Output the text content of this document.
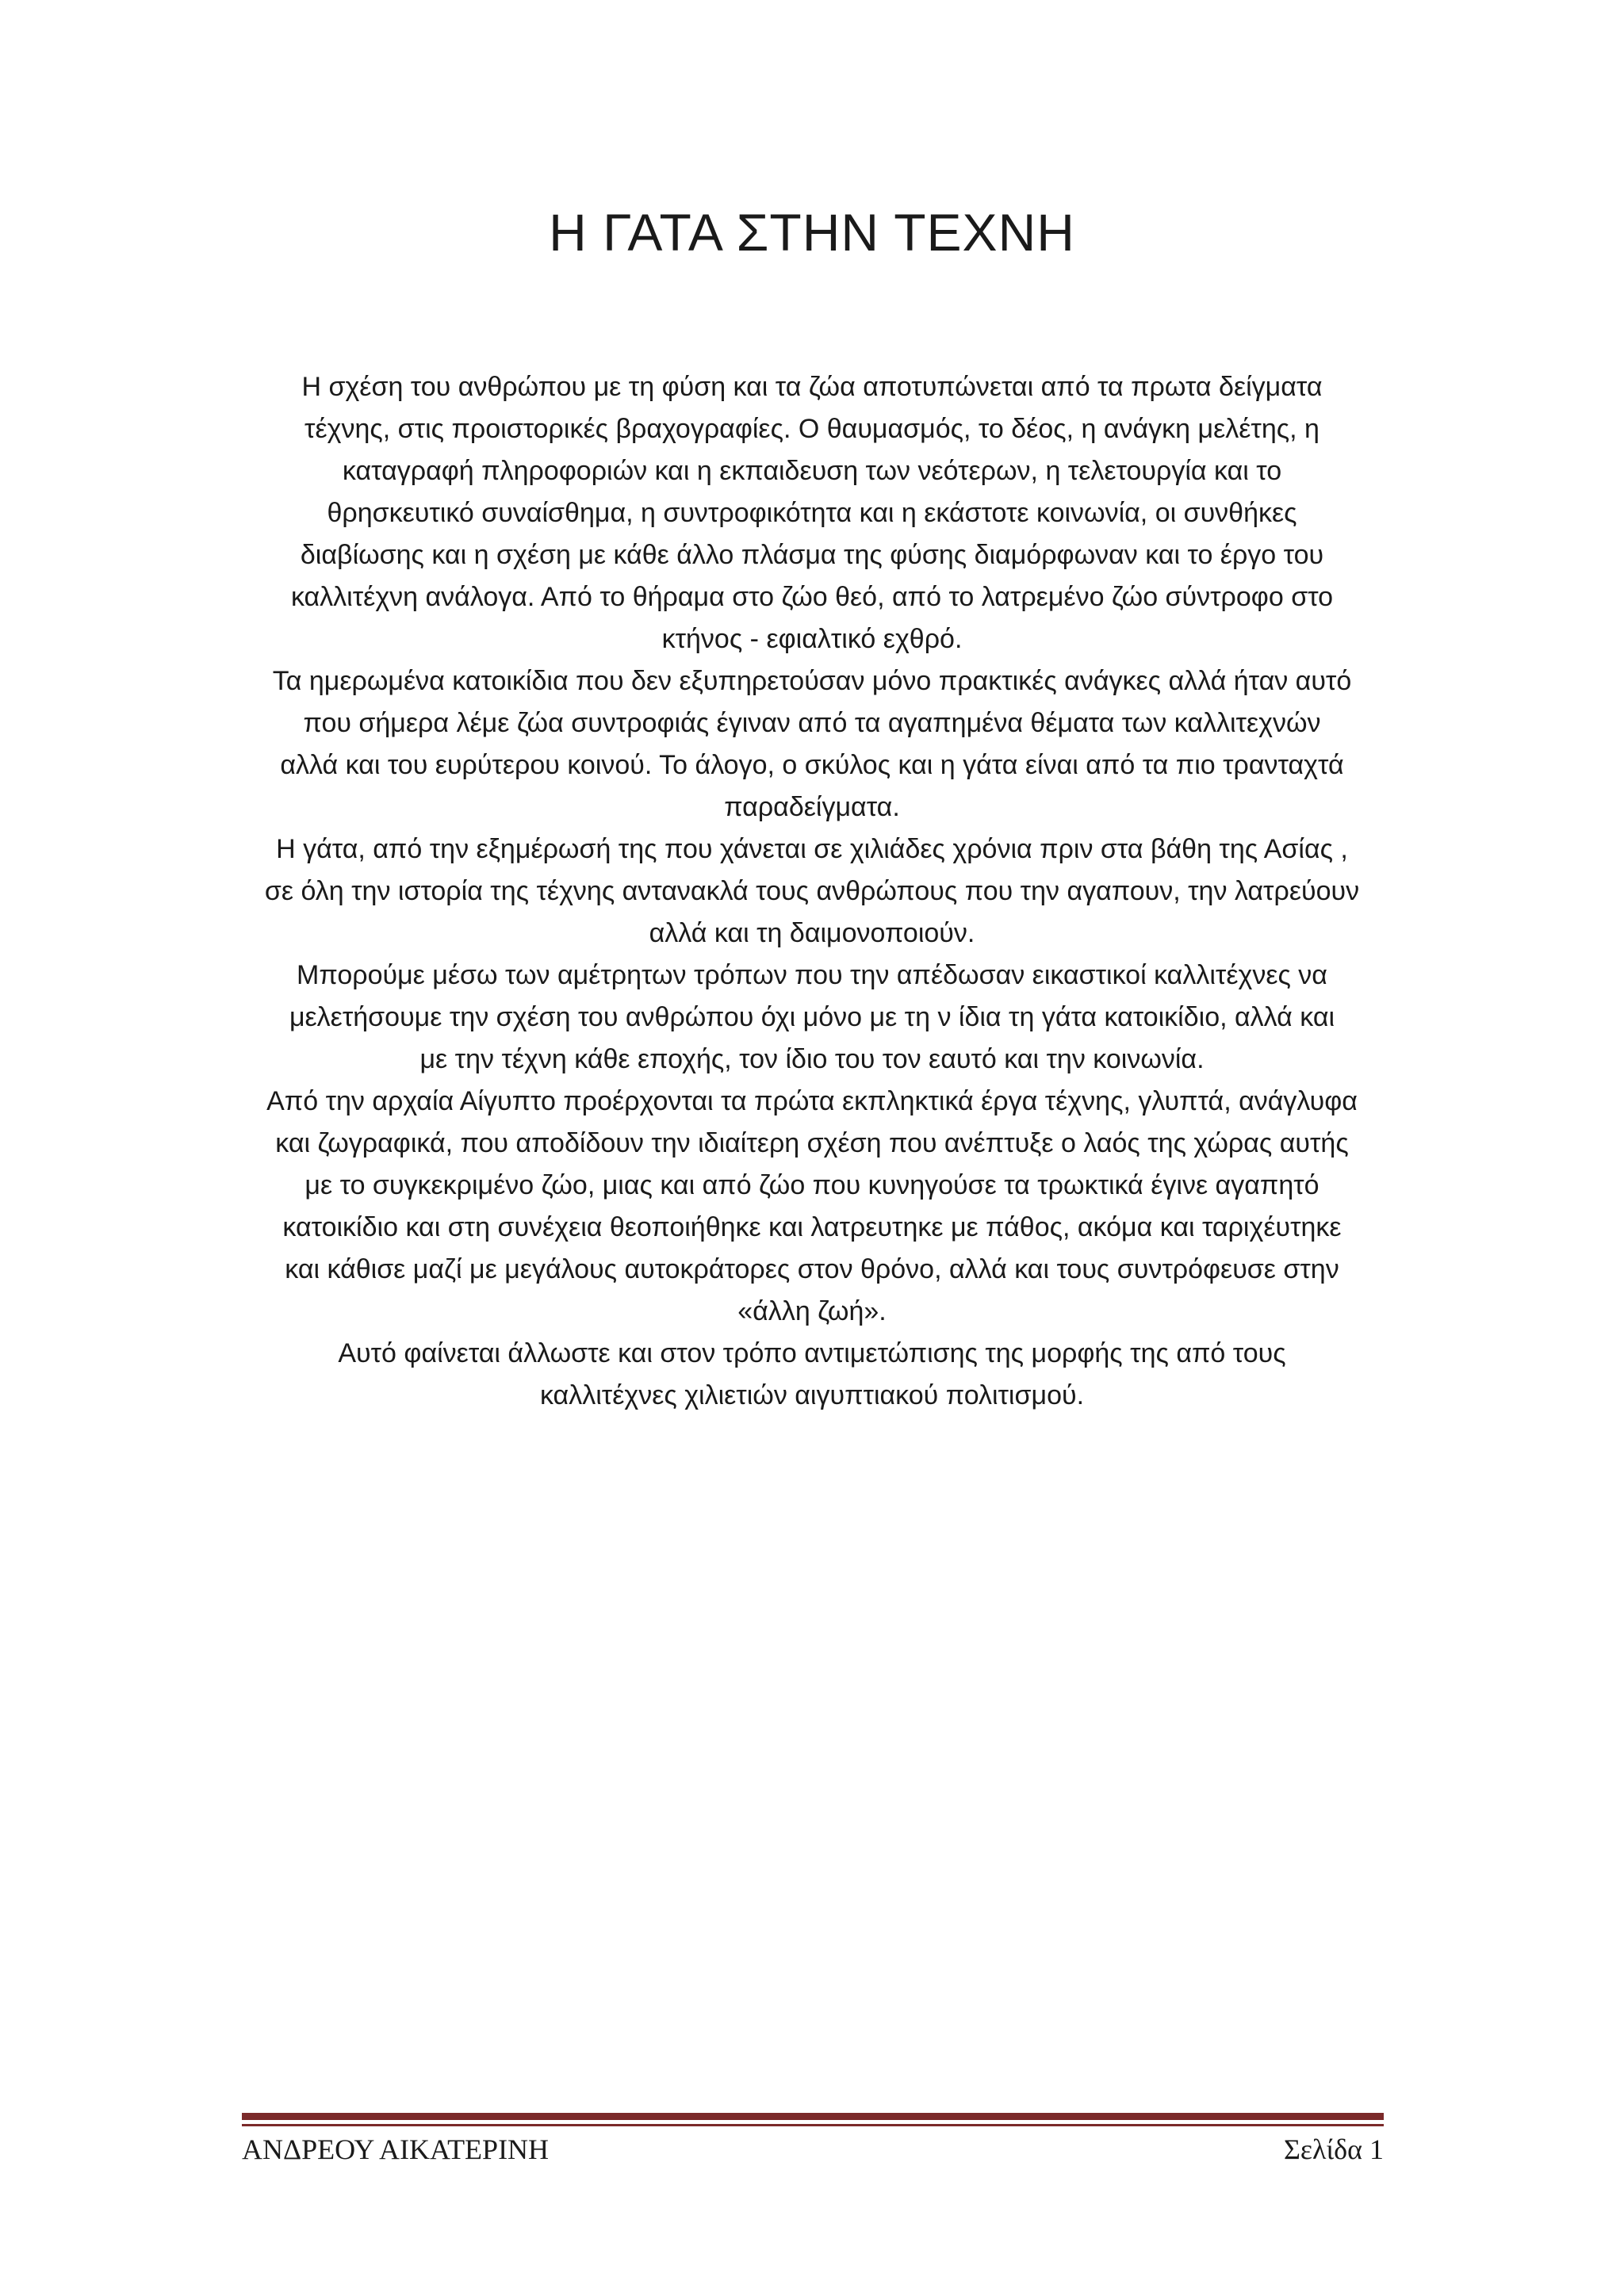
Η ΓΑΤΑ ΣΤΗΝ ΤΕΧΝΗ
Η σχέση του ανθρώπου με τη φύση και τα ζώα αποτυπώνεται από τα πρωτα δείγματα
τέχνης, στις προιστορικές βραχογραφίες. Ο θαυμασμός, το δέος, η ανάγκη μελέτης, η
καταγραφή πληροφοριών και η εκπαιδευση των νεότερων, η τελετουργία και το
θρησκευτικό συναίσθημα, η συντροφικότητα και η εκάστοτε κοινωνία, οι συνθήκες
διαβίωσης και η σχέση με κάθε άλλο πλάσμα της φύσης διαμόρφωναν και το έργο του
καλλιτέχνη ανάλογα. Από το θήραμα στο ζώο θεό, από το λατρεμένο ζώο σύντροφο στο
κτήνος - εφιαλτικό εχθρό.
Τα ημερωμένα κατοικίδια που δεν εξυπηρετούσαν μόνο πρακτικές ανάγκες αλλά ήταν αυτό
που σήμερα λέμε ζώα συντροφιάς έγιναν από τα αγαπημένα θέματα των καλλιτεχνών
αλλά και του ευρύτερου κοινού. Το άλογο, ο σκύλος και η γάτα είναι από τα πιο τρανταχτά
παραδείγματα.
Η γάτα, από την εξημέρωσή της που χάνεται σε χιλιάδες χρόνια πριν στα βάθη της Ασίας ,
σε όλη την ιστορία της τέχνης αντανακλά τους ανθρώπους που την αγαπουν, την λατρεύουν
αλλά και τη δαιμονοποιούν.
Μπορούμε μέσω των αμέτρητων τρόπων που την απέδωσαν εικαστικοί καλλιτέχνες να
μελετήσουμε την σχέση του ανθρώπου όχι μόνο με τη ν ίδια τη γάτα κατοικίδιο, αλλά και
με την τέχνη κάθε εποχής, τον ίδιο του τον εαυτό και την κοινωνία.
Από την αρχαία Αίγυπτο προέρχονται τα πρώτα εκπληκτικά έργα τέχνης, γλυπτά, ανάγλυφα
και ζωγραφικά, που αποδίδουν την ιδιαίτερη σχέση που ανέπτυξε ο λαός της χώρας αυτής
με το συγκεκριμένο ζώο, μιας και από ζώο που κυνηγούσε τα τρωκτικά έγινε αγαπητό
κατοικίδιο και στη συνέχεια θεοποιήθηκε και λατρευτηκε με πάθος, ακόμα και ταριχέυτηκε
και κάθισε μαζί με μεγάλους αυτοκράτορες στον θρόνο, αλλά και τους συντρόφευσε στην
«άλλη ζωή».
Αυτό φαίνεται άλλωστε και στον τρόπο αντιμετώπισης της μορφής της από τους
καλλιτέχνες χιλιετιών αιγυπτιακού πολιτισμού.
ΑΝΔΡΕΟΥ ΑΙΚΑΤΕΡΙΝΗ	Σελίδα 1
